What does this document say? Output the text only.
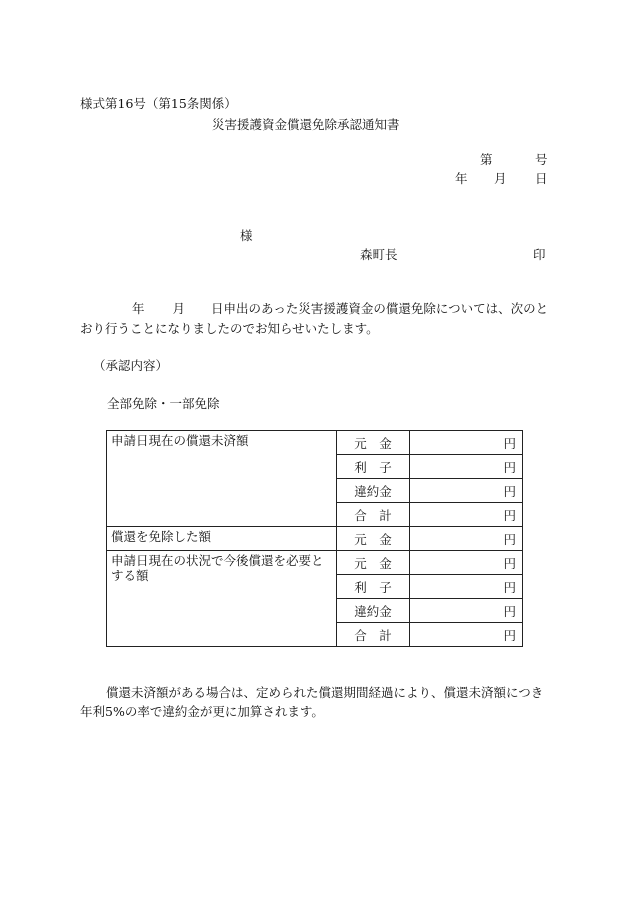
様式第16号（第15条関係）
災害援護資金償還免除承認通知書
第	号
年 月 日
様
森町長	印
年 月 日申出のあった災害援護資金の償還免除については、次のとおり行うことになりましたのでお知らせいたします。
（承認内容）
全部免除・一部免除
申請日現在の償還未済額	元　金	円
	利　子	円
	違約金	円
	合　計	円
償還を免除した額	元　金	円
申請日現在の状況で今後償還を必要とする額	元　金	円
	利　子	円
	違約金	円
	合　計	円
償還未済額がある場合は、定められた償還期間経過により、償還未済額につき年利5%の率で違約金が更に加算されます。
